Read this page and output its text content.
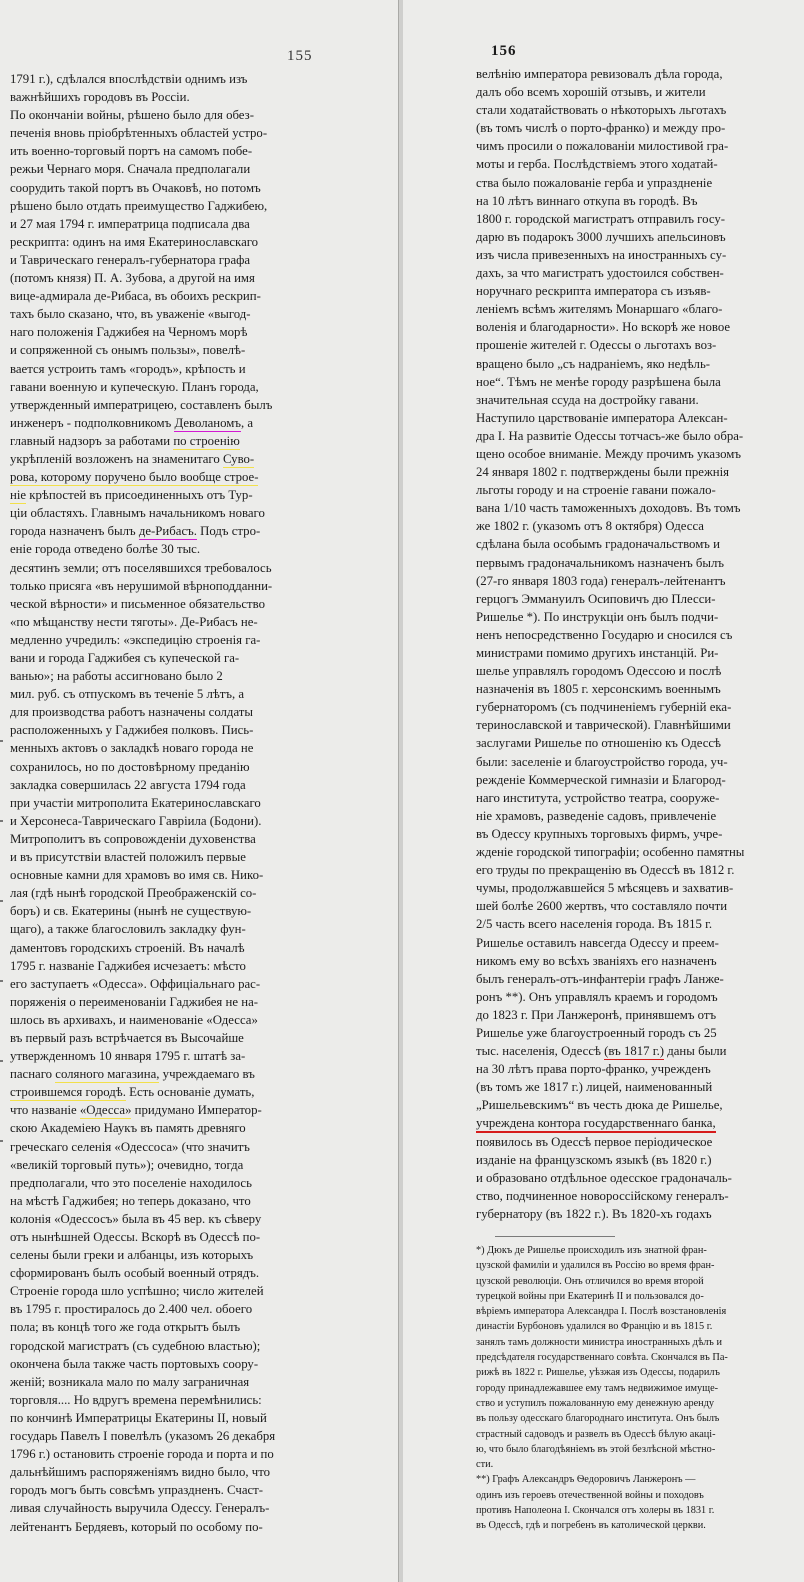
155
1791 г.), сдѣлался впослѣдствіи однимъ изъ
важнѣйшихъ городовъ въ Россіи.
По окончаніи войны, рѣшено было для обез-
печенія вновь пріобрѣтенныхъ областей устро-
ить военно-торговый портъ на самомъ побе-
режьи Чернаго моря. Сначала предполагали
соорудить такой портъ въ Очаковѣ, но потомъ
рѣшено было отдать преимущество Гаджибею,
и 27 мая 1794 г. императрица подписала два
рескрипта: одинъ на имя Екатеринославскаго
и Таврическаго генералъ-губернатора графа
(потомъ князя) П. А. Зубова, а другой на имя
вице-адмирала де-Рибаса, въ обоихъ рескрип-
тахъ было сказано, что, въ уваженіе «выгод-
наго положенія Гаджибея на Черномъ морѣ
и сопряженной съ онымъ пользы», повелѣ-
вается устроить тамъ «городъ», крѣпость и
гавани военную и купеческую. Планъ города,
утвержденный императрицею, составленъ былъ
инженеръ - подполковникомъ Деволаномъ, а
главный надзоръ за работами по строенію
укрѣпленій возложенъ на знаменитаго Суво-
рова, которому поручено было вообще строе-
ніе крѣпостей въ присоединенныхъ отъ Тур-
ціи областяхъ. Главнымъ начальникомъ новаго
города назначенъ былъ де-Рибасъ. Подъ стро-
еніе города отведено болѣе 30 тыс.
десятинъ земли; отъ поселявшихся требовалось
только присяга «въ нерушимой вѣрноподданни-
ческой вѣрности» и письменное обязательство
«по мѣщанству нести тяготы». Де-Рибасъ не-
медленно учредилъ: «экспедицію строенія га-
вани и города Гаджибея съ купеческой га-
ванью»; на работы ассигновано было 2
мил. руб. съ отпускомъ въ теченіе 5 лѣтъ, а
для производства работъ назначены солдаты
расположенныхъ у Гаджибея полковъ. Пись-
менныхъ актовъ о закладкѣ новаго города не
сохранилось, но по достовѣрному преданію
закладка совершилась 22 августа 1794 года
при участіи митрополита Екатеринославскаго
и Херсонеса-Таврическаго Гавріила (Бодони).
Митрополитъ въ сопровожденіи духовенства
и въ присутствіи властей положилъ первые
основные камни для храмовъ во имя св. Нико-
лая (гдѣ нынѣ городской Преображенскій со-
боръ) и св. Екатерины (нынѣ не существую-
щаго), а также благословилъ закладку фун-
даментовъ городскихъ строеній. Въ началѣ
1795 г. названіе Гаджибея исчезаетъ: мѣсто
его заступаетъ «Одесса». Оффиціальнаго рас-
поряженія о переименованіи Гаджибея не на-
шлось въ архивахъ, и наименованіе «Одесса»
въ первый разъ встрѣчается въ Высочайше
утвержденномъ 10 января 1795 г. штатѣ за-
паснаго соляного магазина, учреждаемаго въ
строившемся городѣ. Есть основаніе думать,
что названіе «Одесса» придумано Император-
скою Академіею Наукъ въ память древняго
греческаго селенія «Одессоса» (что значитъ
«великій торговый путь»); очевидно, тогда
предполагали, что это поселеніе находилось
на мѣстѣ Гаджибея; но теперь доказано, что
колонія «Одессосъ» была въ 45 вер. къ сѣверу
отъ нынѣшней Одессы. Вскорѣ въ Одессѣ по-
селены были греки и албанцы, изъ которыхъ
сформированъ былъ особый военный отрядъ.
Строеніе города шло успѣшно; число жителей
въ 1795 г. простиралось до 2.400 чел. обоего
пола; въ концѣ того же года открытъ былъ
городской магистратъ (съ судебною властью);
окончена была также часть портовыхъ соору-
женій; возникала мало по малу заграничная
торговля.... Но вдругъ времена перемѣнились:
по кончинѣ Императрицы Екатерины II, новый
государь Павелъ I повелѣлъ (указомъ 26 декабря
1796 г.) остановить строеніе города и порта и по
дальнѣйшимъ распоряженіямъ видно было, что
городъ могъ быть совсѣмъ упраздненъ. Счаст-
ливая случайность выручила Одессу. Генералъ-
лейтенантъ Бердяевъ, который по особому по-
156
велѣнію императора ревизовалъ дѣла города,
далъ обо всемъ хорошій отзывъ, и жители
стали ходатайствовать о нѣкоторыхъ льготахъ
(въ томъ числѣ о порто-франко) и между про-
чимъ просили о пожалованіи милостивой гра-
моты и герба. Послѣдствіемъ этого ходатай-
ства было пожалованіе герба и упраздненіе
на 10 лѣтъ виннаго откупа въ городѣ. Въ
1800 г. городской магистратъ отправилъ госу-
дарю въ подарокъ 3000 лучшихъ апельсиновъ
изъ числа привезенныхъ на иностранныхъ су-
дахъ, за что магистратъ удостоился собствен-
норучнаго рескрипта императора съ изъяв-
леніемъ всѣмъ жителямъ Монаршаго «благо-
воленія и благодарности». Но вскорѣ же новое
прошеніе жителей г. Одессы о льготахъ воз-
вращено было „съ надраніемъ, яко недѣль-
ное“. Тѣмъ не менѣе городу разрѣшена была
значительная ссуда на достройку гавани.
Наступило царствованіе императора Алексан-
дра I. На развитіе Одессы тотчасъ-же было обра-
щено особое вниманіе. Между прочимъ указомъ
24 января 1802 г. подтверждены были прежнія
льготы городу и на строеніе гавани пожало-
вана 1/10 часть таможенныхъ доходовъ. Въ томъ
же 1802 г. (указомъ отъ 8 октября) Одесса
сдѣлана была особымъ градоначальствомъ и
первымъ градоначальникомъ назначенъ былъ
(27-го января 1803 года) генералъ-лейтенантъ
герцогъ Эммануилъ Осиповичъ дю Плесси-
Ришелье *). По инструкціи онъ былъ подчи-
ненъ непосредственно Государю и сносился съ
министрами помимо другихъ инстанцій. Ри-
шелье управлялъ городомъ Одессою и послѣ
назначенія въ 1805 г. херсонскимъ военнымъ
губернаторомъ (съ подчиненіемъ губерній ека-
теринославской и таврической). Главнѣйшими
заслугами Ришелье по отношенію къ Одессѣ
были: заселеніе и благоустройство города, уч-
режденіе Коммерческой гимназіи и Благород-
наго института, устройство театра, сооруже-
ніе храмовъ, разведеніе садовъ, привлеченіе
въ Одессу крупныхъ торговыхъ фирмъ, учре-
жденіе городской типографіи; особенно памятны
его труды по прекращенію въ Одессѣ въ 1812 г.
чумы, продолжавшейся 5 мѣсяцевъ и захватив-
шей болѣе 2600 жертвъ, что составляло почти
2/5 часть всего населенія города. Въ 1815 г.
Ришелье оставилъ навсегда Одессу и преем-
никомъ ему во всѣхъ званіяхъ его назначенъ
былъ генералъ-отъ-инфантеріи графъ Ланже-
ронъ **). Онъ управлялъ краемъ и городомъ
до 1823 г. При Ланжеронѣ, принявшемъ отъ
Ришелье уже благоустроенный городъ съ 25
тыс. населенія, Одессѣ (въ 1817 г.) даны были
на 30 лѣтъ права порто-франко, учрежденъ
(въ томъ же 1817 г.) лицей, наименованный
„Ришельевскимъ“ въ честь дюка де Ришелье,
учреждена контора государственнаго банка,
появилось въ Одессѣ первое періодическое
изданіе на французскомъ языкѣ (въ 1820 г.)
и образовано отдѣльное одесское градоначаль-
ство, подчиненное новороссійскому генералъ-
губернатору (въ 1822 г.). Въ 1820-хъ годахъ
*) Дюкъ де Ришелье происходилъ изъ знатной фран-
цузской фамиліи и удалился въ Россію во время фран-
цузской революціи. Онъ отличился во время второй
турецкой войны при Екатеринѣ II и пользовался до-
вѣріемъ императора Александра I. Послѣ возстановленія
династіи Бурбоновъ удалился во Францію и въ 1815 г.
занялъ тамъ должности министра иностранныхъ дѣлъ и
предсѣдателя государственнаго совѣта. Скончался въ Па-
рижѣ въ 1822 г. Ришелье, уѣзжая изъ Одессы, подарилъ
городу принадлежавшее ему тамъ недвижимое имуще-
ство и уступилъ пожалованную ему денежную аренду
въ пользу одесскаго благороднаго института. Онъ былъ
страстный садоводъ и развелъ въ Одессѣ бѣлую акаці-
ю, что было благодѣяніемъ въ этой безлѣсной мѣстно-
сти.
**) Графъ Александръ Ѳедоровичъ Ланжеронъ —
одинъ изъ героевъ отечественной войны и походовъ
противъ Наполеона I. Скончался отъ холеры въ 1831 г.
въ Одессѣ, гдѣ и погребенъ въ католической церкви.
